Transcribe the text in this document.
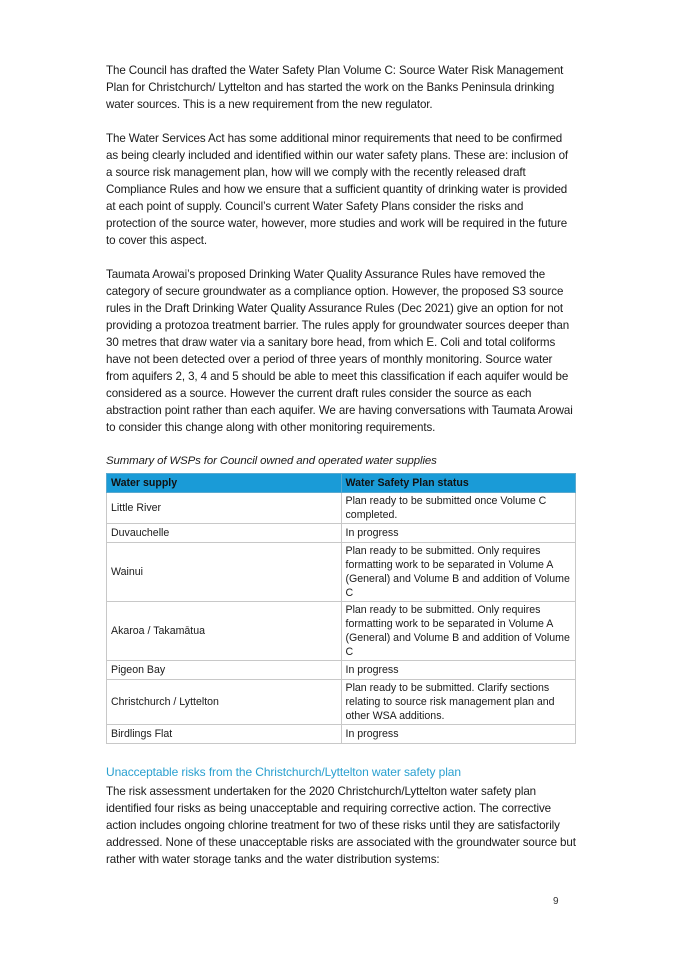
The Council has drafted the Water Safety Plan Volume C: Source Water Risk Management Plan for Christchurch/ Lyttelton and has started the work on the Banks Peninsula drinking water sources. This is a new requirement from the new regulator.

The Water Services Act has some additional minor requirements that need to be confirmed as being clearly included and identified within our water safety plans. These are: inclusion of a source risk management plan, how will we comply with the recently released draft Compliance Rules and how we ensure that a sufficient quantity of drinking water is provided at each point of supply. Council’s current Water Safety Plans consider the risks and protection of the source water, however, more studies and work will be required in the future to cover this aspect.

Taumata Arowai’s proposed Drinking Water Quality Assurance Rules have removed the category of secure groundwater as a compliance option. However, the proposed S3 source rules in the Draft Drinking Water Quality Assurance Rules (Dec 2021) give an option for not providing a protozoa treatment barrier. The rules apply for groundwater sources deeper than 30 metres that draw water via a sanitary bore head, from which E. Coli and total coliforms have not been detected over a period of three years of monthly monitoring. Source water from aquifers 2, 3, 4 and 5 should be able to meet this classification if each aquifer would be considered as a source. However the current draft rules consider the source as each abstraction point rather than each aquifer. We are having conversations with Taumata Arowai to consider this change along with other monitoring requirements.

Summary of WSPs for Council owned and operated water supplies

Water supply	Water Safety Plan status
Little River	Plan ready to be submitted once Volume C completed.
Duvauchelle	In progress
Wainui	Plan ready to be submitted. Only requires formatting work to be separated in Volume A (General) and Volume B and addition of Volume C
Akaroa / Takamātua	Plan ready to be submitted. Only requires formatting work to be separated in Volume A (General) and Volume B and addition of Volume C
Pigeon Bay	In progress
Christchurch / Lyttelton	Plan ready to be submitted. Clarify sections relating to source risk management plan and other WSA additions.
Birdlings Flat	In progress

Unacceptable risks from the Christchurch/Lyttelton water safety plan

The risk assessment undertaken for the 2020 Christchurch/Lyttelton water safety plan identified four risks as being unacceptable and requiring corrective action. The corrective action includes ongoing chlorine treatment for two of these risks until they are satisfactorily addressed. None of these unacceptable risks are associated with the groundwater source but rather with water storage tanks and the water distribution systems:

9
